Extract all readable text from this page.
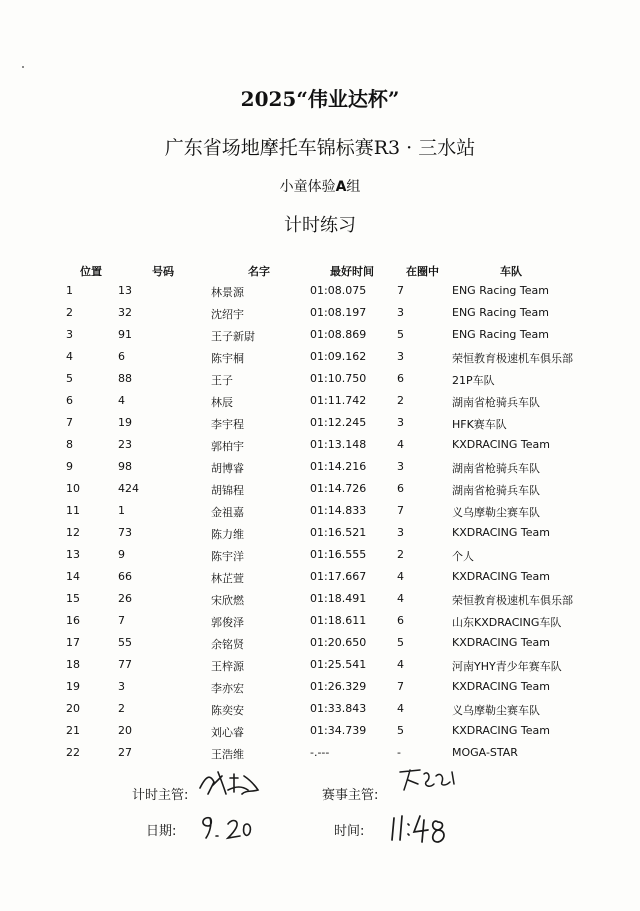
2025“伟业达杯”
广东省场地摩托车锦标赛R3 · 三水站
小童体验A组
计时练习
位置	号码	名字	最好时间	在圈中	车队
1	13	林景源	01:08.075	7	ENG Racing Team
2	32	沈绍宇	01:08.197	3	ENG Racing Team
3	91	王子新尉	01:08.869	5	ENG Racing Team
4	6	陈宇桐	01:09.162	3	荣恒教育极速机车俱乐部
5	88	王子	01:10.750	6	21P车队
6	4	林辰	01:11.742	2	湖南省枪骑兵车队
7	19	李宇程	01:12.245	3	HFK赛车队
8	23	郭柏宇	01:13.148	4	KXDRACING Team
9	98	胡博睿	01:14.216	3	湖南省枪骑兵车队
10	424	胡锦程	01:14.726	6	湖南省枪骑兵车队
11	1	金祖嘉	01:14.833	7	义乌摩勒尘赛车队
12	73	陈力维	01:16.521	3	KXDRACING Team
13	9	陈宇洋	01:16.555	2	个人
14	66	林芷萱	01:17.667	4	KXDRACING Team
15	26	宋欣燃	01:18.491	4	荣恒教育极速机车俱乐部
16	7	郭俊泽	01:18.611	6	山东KXDRACING车队
17	55	余铭贤	01:20.650	5	KXDRACING Team
18	77	王梓源	01:25.541	4	河南YHY青少年赛车队
19	3	李亦宏	01:26.329	7	KXDRACING Team
20	2	陈奕安	01:33.843	4	义乌摩勒尘赛车队
21	20	刘心睿	01:34.739	5	KXDRACING Team
22	27	王浩维	-.---	-	MOGA-STAR
计时主管:	赛事主管:
日期:	时间:
